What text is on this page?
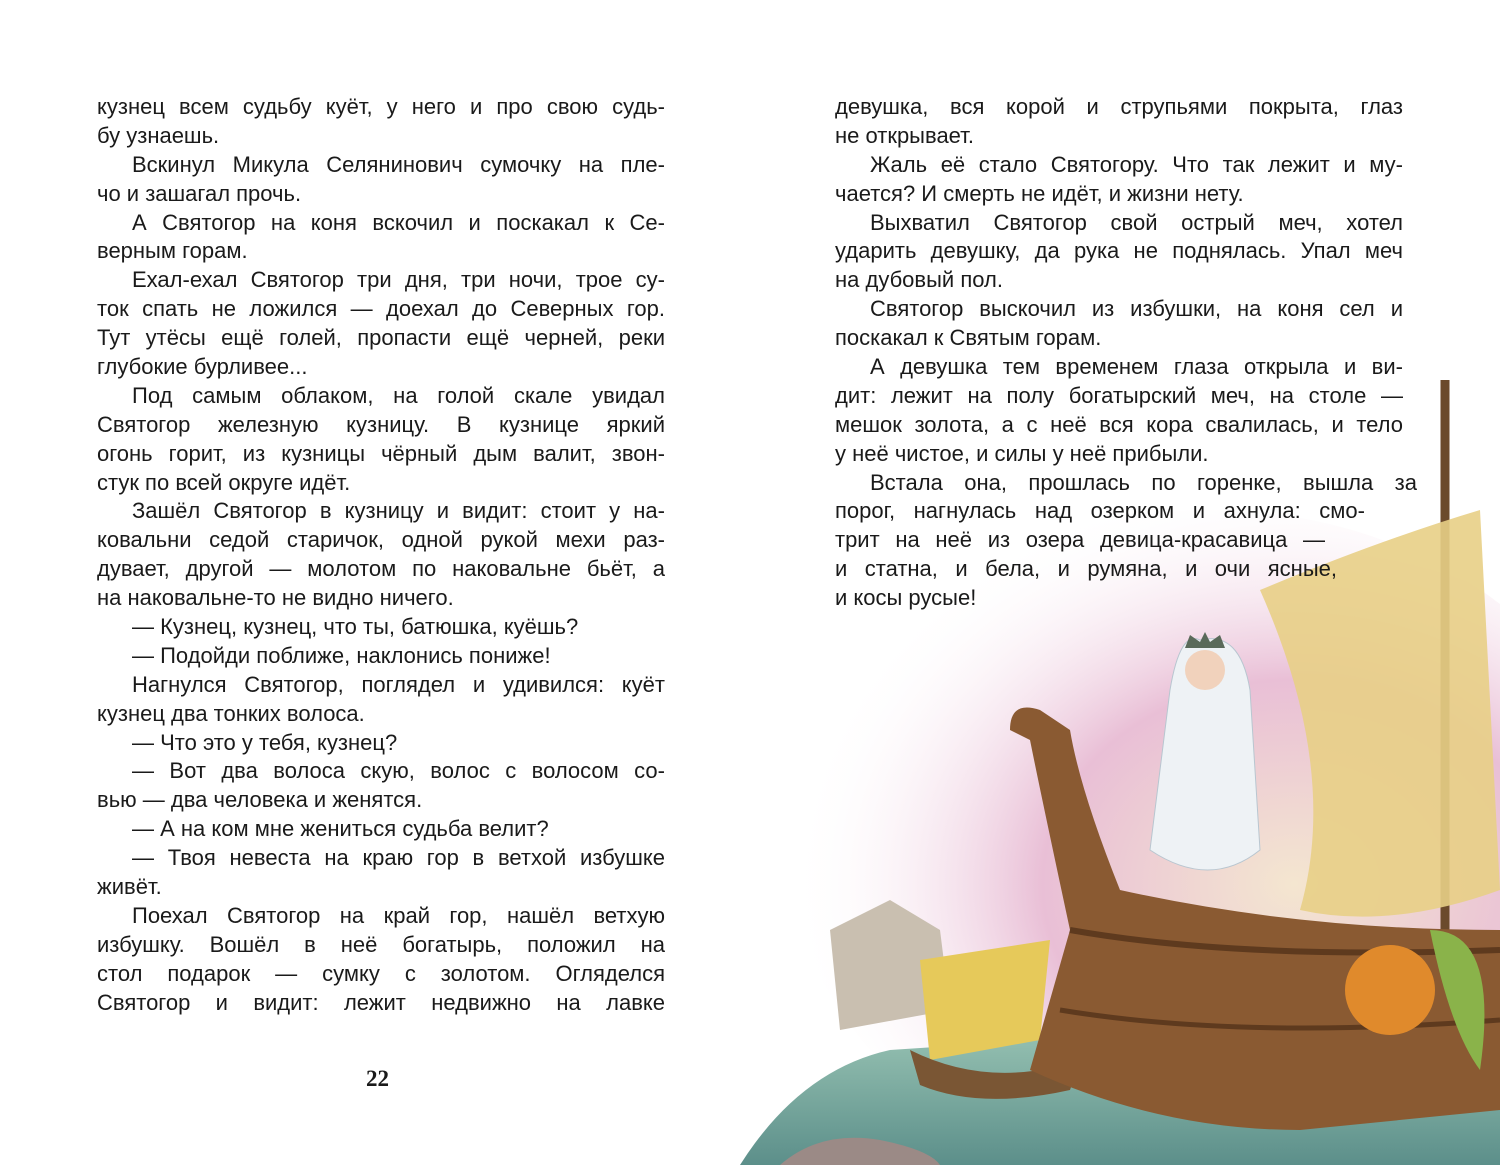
кузнец всем судьбу куёт, у него и про свою судь-
бу узнаешь.
Вскинул Микула Селянинович сумочку на пле-
чо и зашагал прочь.
А Святогор на коня вскочил и поскакал к Се-
верным горам.
Ехал-ехал Святогор три дня, три ночи, трое су-
ток спать не ложился — доехал до Северных гор.
Тут утёсы ещё голей, пропасти ещё черней, реки
глубокие бурливее...
Под самым облаком, на голой скале увидал
Святогор железную кузницу. В кузнице яркий
огонь горит, из кузницы чёрный дым валит, звон-
стук по всей округе идёт.
Зашёл Святогор в кузницу и видит: стоит у на-
ковальни седой старичок, одной рукой мехи раз-
дувает, другой — молотом по наковальне бьёт, а
на наковальне-то не видно ничего.
— Кузнец, кузнец, что ты, батюшка, куёшь?
— Подойди поближе, наклонись пониже!
Нагнулся Святогор, поглядел и удивился: куёт
кузнец два тонких волоса.
— Что это у тебя, кузнец?
— Вот два волоса скую, волос с волосом со-
вью — два человека и женятся.
— А на ком мне жениться судьба велит?
— Твоя невеста на краю гор в ветхой избушке
живёт.
Поехал Святогор на край гор, нашёл ветхую
избушку. Вошёл в неё богатырь, положил на
стол подарок — сумку с золотом. Огляделся
Святогор и видит: лежит недвижно на лавке
девушка, вся корой и струпьями покрыта, глаз
не открывает.
Жаль её стало Святогору. Что так лежит и му-
чается? И смерть не идёт, и жизни нету.
Выхватил Святогор свой острый меч, хотел
ударить девушку, да рука не поднялась. Упал меч
на дубовый пол.
Святогор выскочил из избушки, на коня сел и
поскакал к Святым горам.
А девушка тем временем глаза открыла и ви-
дит: лежит на полу богатырский меч, на столе —
мешок золота, а с неё вся кора свалилась, и тело
у неё чистое, и силы у неё прибыли.
Встала она, прошлась по горенке, вышла за
порог, нагнулась над озерком и ахнула: смо-
трит на неё из озера девица-красавица —
и статна, и бела, и румяна, и очи ясные,
и косы русые!
22
